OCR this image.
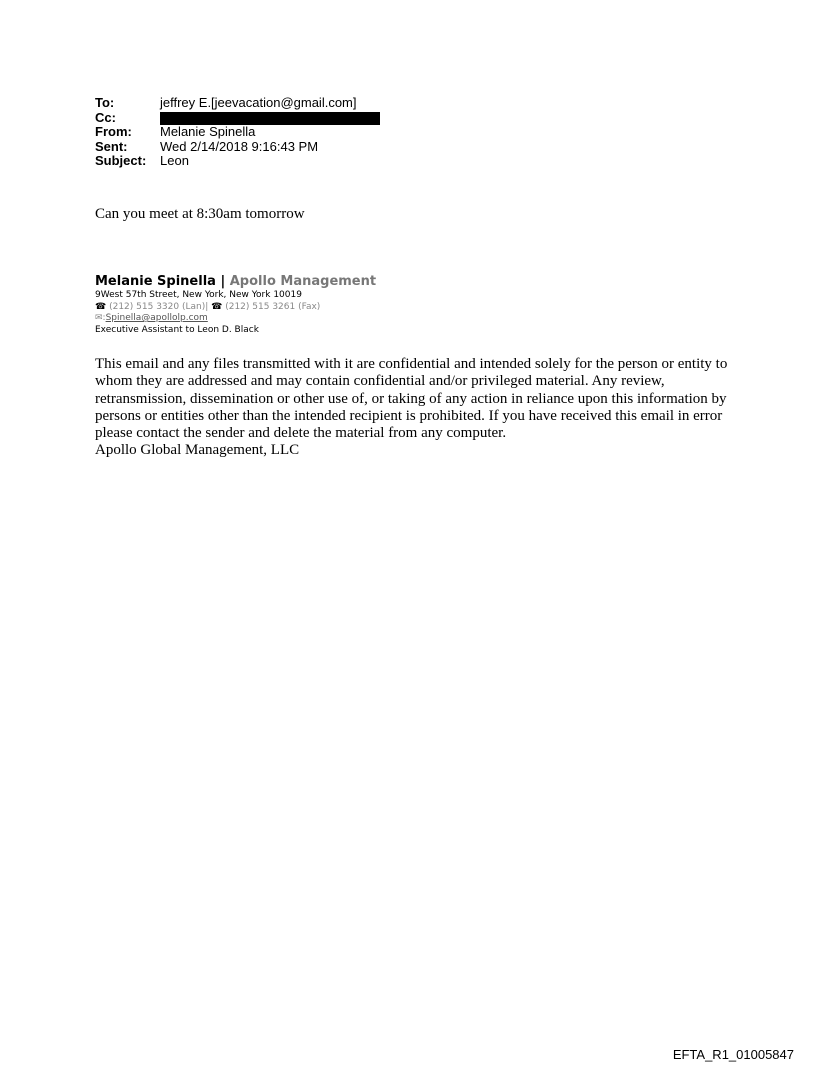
To:	jeffrey E.[jeevacation@gmail.com]
Cc:
From:	Melanie Spinella
Sent:	Wed 2/14/2018 9:16:43 PM
Subject:	Leon
Can you meet at 8:30am tomorrow
Melanie Spinella | Apollo Management
9West 57th Street, New York, New York 10019
☎ (212) 515 3320 (Lan)| ☎ (212) 515 3261 (Fax)
✉:Spinella@apollolp.com
Executive Assistant to Leon D. Black
This email and any files transmitted with it are confidential and intended solely for the person or entity to whom they are addressed and may contain confidential and/or privileged material. Any review, retransmission, dissemination or other use of, or taking of any action in reliance upon this information by persons or entities other than the intended recipient is prohibited. If you have received this email in error please contact the sender and delete the material from any computer.
Apollo Global Management, LLC
EFTA_R1_01005847
